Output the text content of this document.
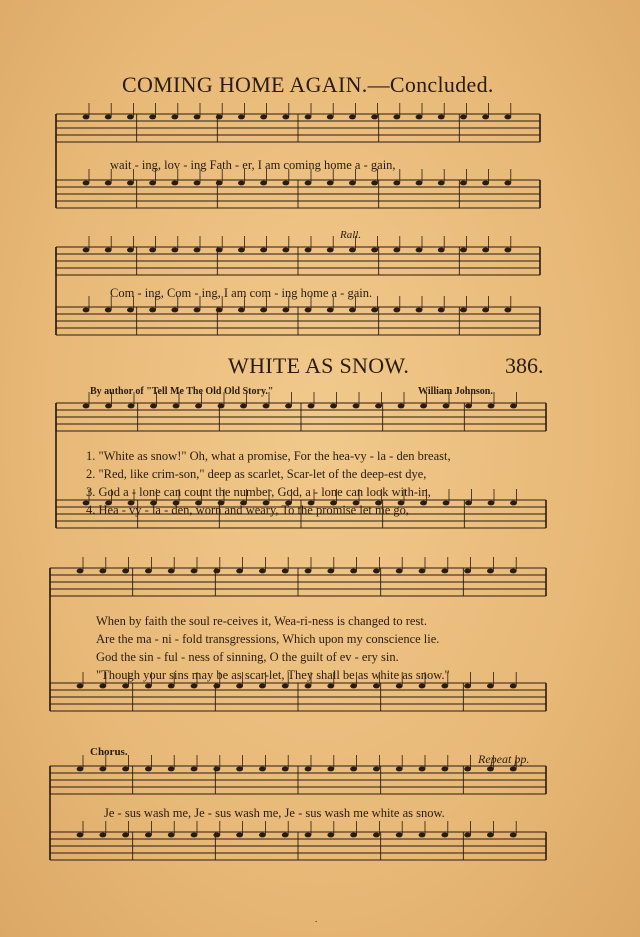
COMING HOME AGAIN.—Concluded.
wait - ing, lov - ing Fath - er, I am coming home a - gain,
Rall.
Com - ing, Com - ing, I am com - ing home a - gain.
WHITE AS SNOW.	386.
By author of "Tell Me The Old Old Story."	William Johnson.
1. "White as snow!" Oh, what a promise, For the hea-vy - la - den breast,
2. "Red, like crim-son," deep as scarlet, Scar-let of the deep-est dye,
3. God a - lone can count the number, God, a - lone can look with-in,
4. Hea - vy - la - den, worn and weary, To the promise let me go,
When by faith the soul re-ceives it, Wea-ri-ness is changed to rest.
Are the ma - ni - fold transgressions, Which upon my conscience lie.
God the sin - ful - ness of sinning, O the guilt of ev - ery sin.
"Though your sins may be as scar-let, They shall be as white as snow."
Chorus.	Repeat pp.
Je - sus wash me, Je - sus wash me, Je - sus wash me white as snow.
.
